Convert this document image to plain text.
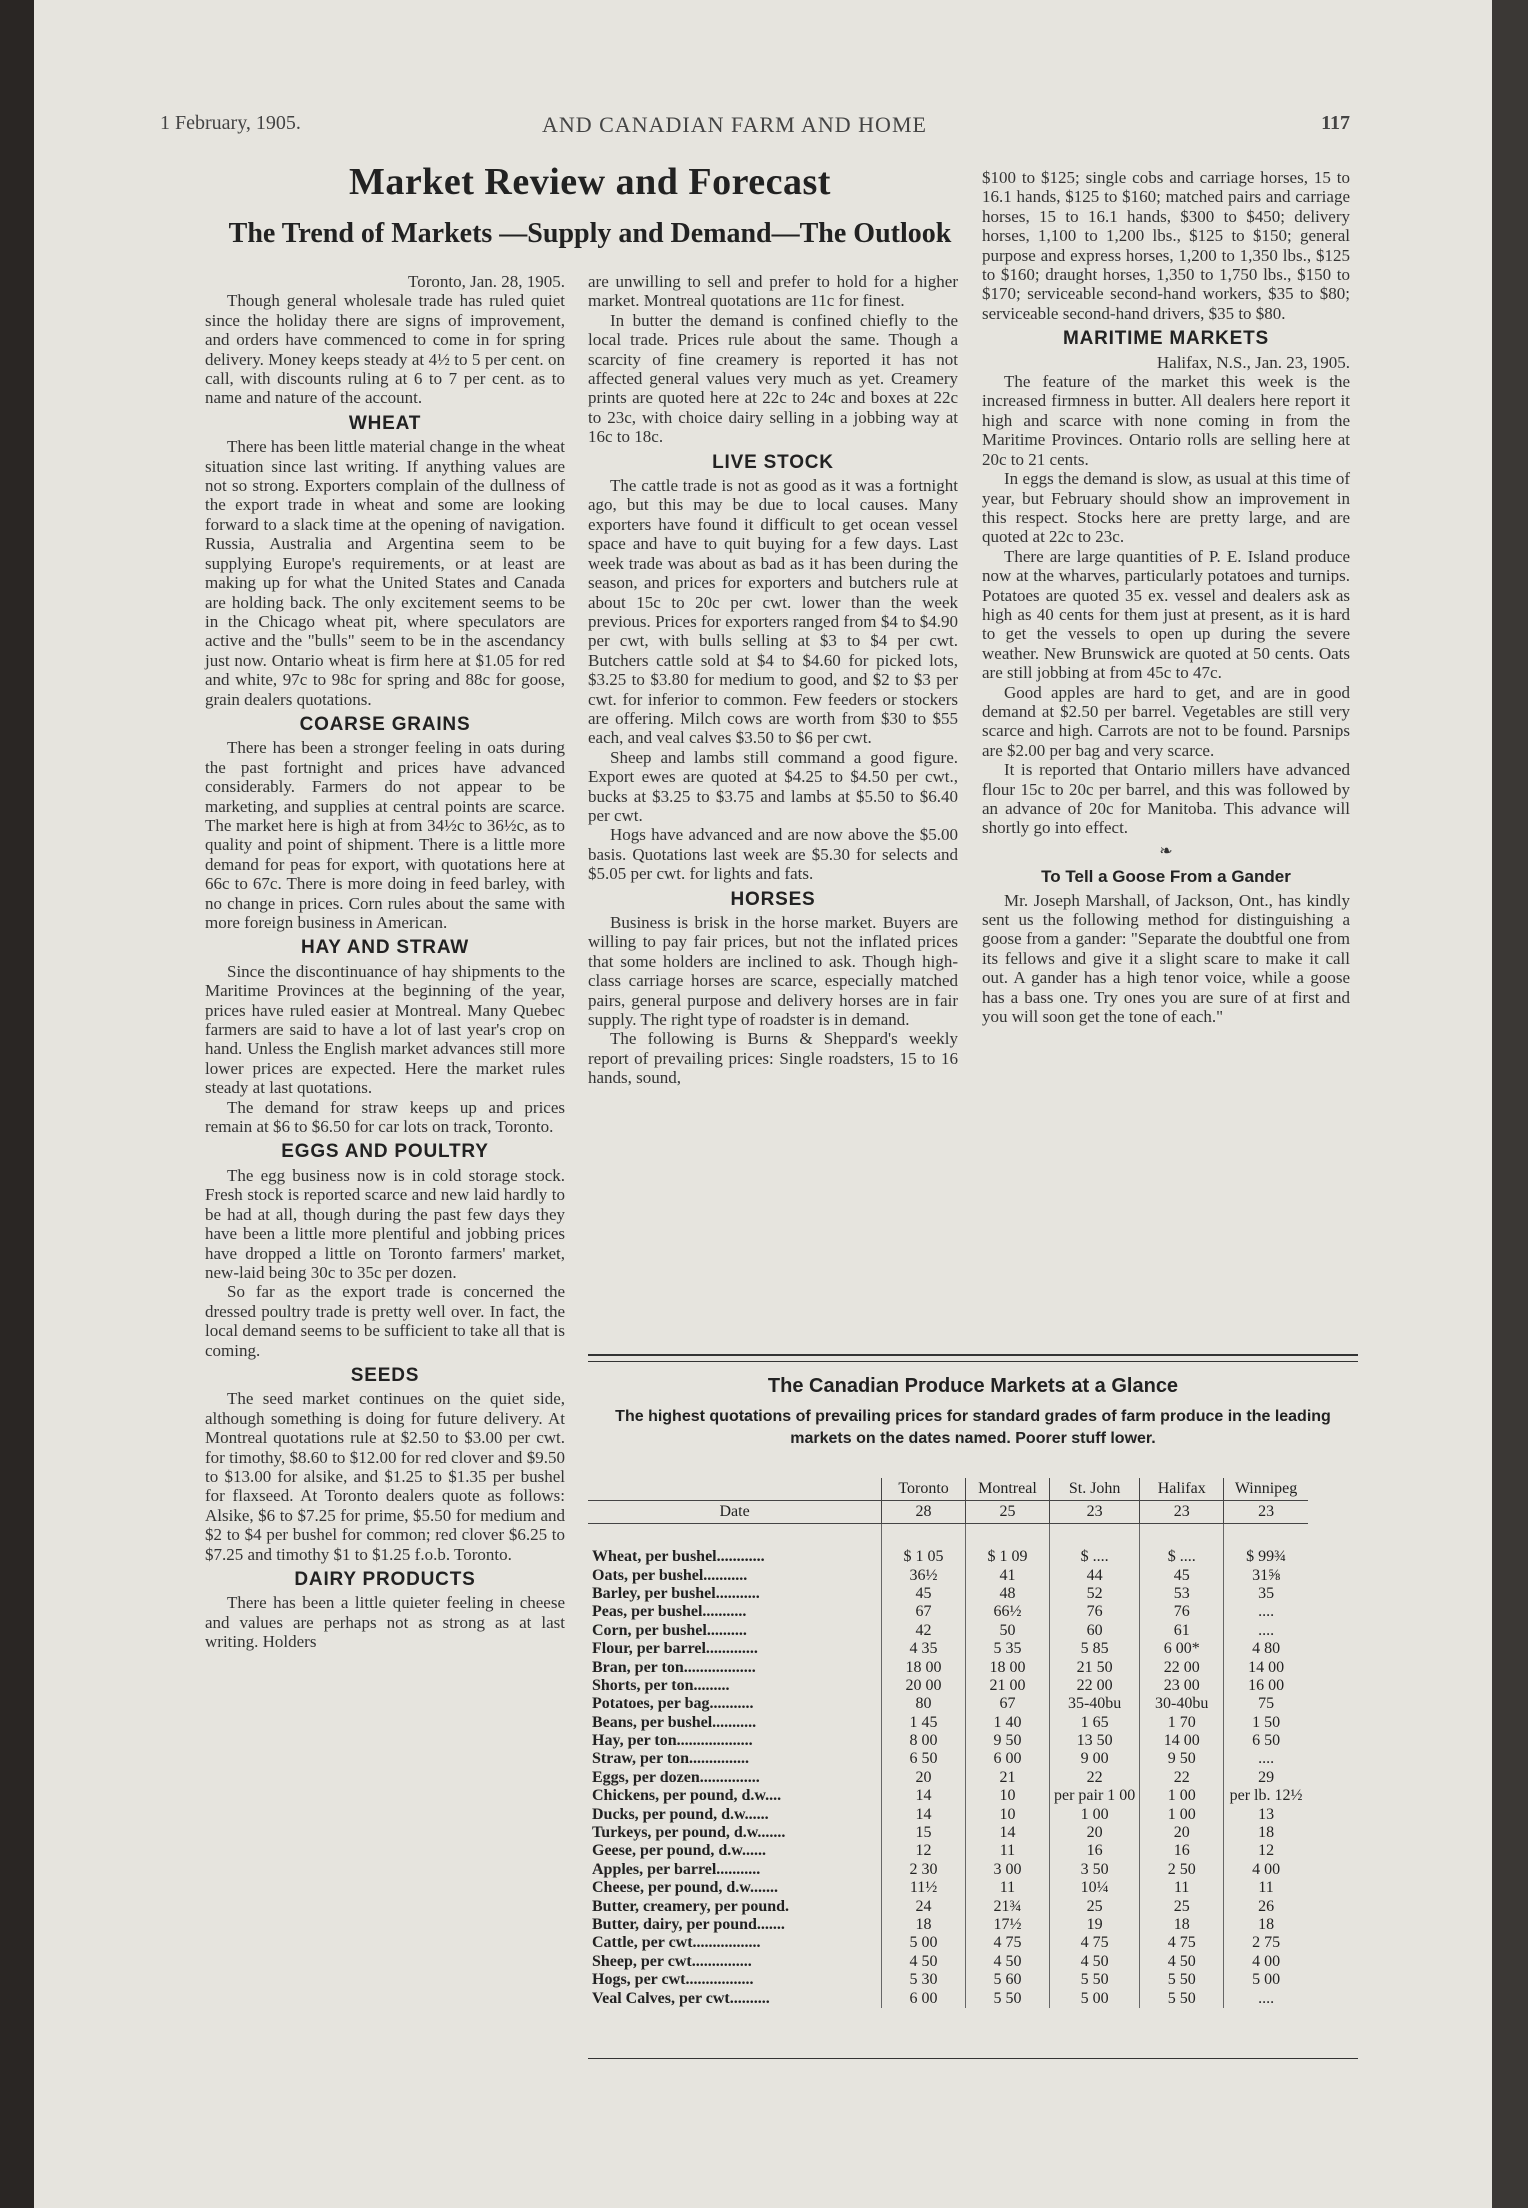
1 February, 1905.	AND CANADIAN FARM AND HOME	117
Market Review and Forecast
The Trend of Markets —Supply and Demand—The Outlook

Toronto, Jan. 28, 1905.

Though general wholesale trade has ruled quiet since the holiday there are signs of improvement, and orders have commenced to come in for spring delivery. Money keeps steady at 4½ to 5 per cent. on call, with discounts ruling at 6 to 7 per cent. as to name and nature of the account.

WHEAT

There has been little material change in the wheat situation since last writing. If anything values are not so strong. Exporters complain of the dullness of the export trade in wheat and some are looking forward to a slack time at the opening of navigation. Russia, Australia and Argentina seem to be supplying Europe's requirements, or at least are making up for what the United States and Canada are holding back. The only excitement seems to be in the Chicago wheat pit, where speculators are active and the "bulls" seem to be in the ascendancy just now. Ontario wheat is firm here at $1.05 for red and white, 97c to 98c for spring and 88c for goose, grain dealers quotations.

COARSE GRAINS

There has been a stronger feeling in oats during the past fortnight and prices have advanced considerably. Farmers do not appear to be marketing, and supplies at central points are scarce. The market here is high at from 34½c to 36½c, as to quality and point of shipment. There is a little more demand for peas for export, with quotations here at 66c to 67c. There is more doing in feed barley, with no change in prices. Corn rules about the same with more foreign business in American.

HAY AND STRAW

Since the discontinuance of hay shipments to the Maritime Provinces at the beginning of the year, prices have ruled easier at Montreal. Many Quebec farmers are said to have a lot of last year's crop on hand. Unless the English market advances still more lower prices are expected. Here the market rules steady at last quotations.

The demand for straw keeps up and prices remain at $6 to $6.50 for car lots on track, Toronto.

EGGS AND POULTRY

The egg business now is in cold storage stock. Fresh stock is reported scarce and new laid hardly to be had at all, though during the past few days they have been a little more plentiful and jobbing prices have dropped a little on Toronto farmers' market, new-laid being 30c to 35c per dozen.

So far as the export trade is concerned the dressed poultry trade is pretty well over. In fact, the local demand seems to be sufficient to take all that is coming.

SEEDS

The seed market continues on the quiet side, although something is doing for future delivery. At Montreal quotations rule at $2.50 to $3.00 per cwt. for timothy, $8.60 to $12.00 for red clover and $9.50 to $13.00 for alsike, and $1.25 to $1.35 per bushel for flaxseed. At Toronto dealers quote as follows: Alsike, $6 to $7.25 for prime, $5.50 for medium and $2 to $4 per bushel for common; red clover $6.25 to $7.25 and timothy $1 to $1.25 f.o.b. Toronto.

DAIRY PRODUCTS

There has been a little quieter feeling in cheese and values are perhaps not as strong as at last writing. Holders

are unwilling to sell and prefer to hold for a higher market. Montreal quotations are 11c for finest.

In butter the demand is confined chiefly to the local trade. Prices rule about the same. Though a scarcity of fine creamery is reported it has not affected general values very much as yet. Creamery prints are quoted here at 22c to 24c and boxes at 22c to 23c, with choice dairy selling in a jobbing way at 16c to 18c.

LIVE STOCK

The cattle trade is not as good as it was a fortnight ago, but this may be due to local causes. Many exporters have found it difficult to get ocean vessel space and have to quit buying for a few days. Last week trade was about as bad as it has been during the season, and prices for exporters and butchers rule at about 15c to 20c per cwt. lower than the week previous. Prices for exporters ranged from $4 to $4.90 per cwt, with bulls selling at $3 to $4 per cwt. Butchers cattle sold at $4 to $4.60 for picked lots, $3.25 to $3.80 for medium to good, and $2 to $3 per cwt. for inferior to common. Few feeders or stockers are offering. Milch cows are worth from $30 to $55 each, and veal calves $3.50 to $6 per cwt.

Sheep and lambs still command a good figure. Export ewes are quoted at $4.25 to $4.50 per cwt., bucks at $3.25 to $3.75 and lambs at $5.50 to $6.40 per cwt.

Hogs have advanced and are now above the $5.00 basis. Quotations last week are $5.30 for selects and $5.05 per cwt. for lights and fats.

HORSES

Business is brisk in the horse market. Buyers are willing to pay fair prices, but not the inflated prices that some holders are inclined to ask. Though high-class carriage horses are scarce, especially matched pairs, general purpose and delivery horses are in fair supply. The right type of roadster is in demand.

The following is Burns & Sheppard's weekly report of prevailing prices: Single roadsters, 15 to 16 hands, sound,

$100 to $125; single cobs and carriage horses, 15 to 16.1 hands, $125 to $160; matched pairs and carriage horses, 15 to 16.1 hands, $300 to $450; delivery horses, 1,100 to 1,200 lbs., $125 to $150; general purpose and express horses, 1,200 to 1,350 lbs., $125 to $160; draught horses, 1,350 to 1,750 lbs., $150 to $170; serviceable second-hand workers, $35 to $80; serviceable second-hand drivers, $35 to $80.

MARITIME MARKETS

Halifax, N.S., Jan. 23, 1905.

The feature of the market this week is the increased firmness in butter. All dealers here report it high and scarce with none coming in from the Maritime Provinces. Ontario rolls are selling here at 20c to 21 cents.

In eggs the demand is slow, as usual at this time of year, but February should show an improvement in this respect. Stocks here are pretty large, and are quoted at 22c to 23c.

There are large quantities of P. E. Island produce now at the wharves, particularly potatoes and turnips. Potatoes are quoted 35 ex. vessel and dealers ask as high as 40 cents for them just at present, as it is hard to get the vessels to open up during the severe weather. New Brunswick are quoted at 50 cents. Oats are still jobbing at from 45c to 47c.

Good apples are hard to get, and are in good demand at $2.50 per barrel. Vegetables are still very scarce and high. Carrots are not to be found. Parsnips are $2.00 per bag and very scarce.

It is reported that Ontario millers have advanced flour 15c to 20c per barrel, and this was followed by an advance of 20c for Manitoba. This advance will shortly go into effect.

❧
To Tell a Goose From a Gander

Mr. Joseph Marshall, of Jackson, Ont., has kindly sent us the following method for distinguishing a goose from a gander: "Separate the doubtful one from its fellows and give it a slight scare to make it call out. A gander has a high tenor voice, while a goose has a bass one. Try ones you are sure of at first and you will soon get the tone of each."

The Canadian Produce Markets at a Glance
The highest quotations of prevailing prices for standard grades of farm produce in the leading markets on the dates named. Poorer stuff lower.
	Toronto	Montreal	St. John	Halifax	Winnipeg
Date	28	25	23	23	23

Wheat, per bushel............	$ 1 05	$ 1 09	$ ....	$ ....	$ 99¾
Oats, per bushel...........	36½	41	44	45	31⅝
Barley, per bushel...........	45	48	52	53	35
Peas, per bushel...........	67	66½	76	76	....
Corn, per bushel..........	42	50	60	61	....
Flour, per barrel.............	4 35	5 35	5 85	6 00*	4 80
Bran, per ton..................	18 00	18 00	21 50	22 00	14 00
Shorts, per ton.........	20 00	21 00	22 00	23 00	16 00
Potatoes, per bag...........	80	67	35-40bu	30-40bu	75
Beans, per bushel...........	1 45	1 40	1 65	1 70	1 50
Hay, per ton...................	8 00	9 50	13 50	14 00	6 50
Straw, per ton...............	6 50	6 00	9 00	9 50	....
Eggs, per dozen...............	20	21	22	22	29
Chickens, per pound, d.w....	14	10	per pair 1 00	1 00	per lb. 12½
Ducks, per pound, d.w......	14	10	1 00	1 00	13
Turkeys, per pound, d.w.......	15	14	20	20	18
Geese, per pound, d.w......	12	11	16	16	12
Apples, per barrel...........	2 30	3 00	3 50	2 50	4 00
Cheese, per pound, d.w.......	11½	11	10¼	11	11
Butter, creamery, per pound.	24	21¾	25	25	26
Butter, dairy, per pound.......	18	17½	19	18	18
Cattle, per cwt.................	5 00	4 75	4 75	4 75	2 75
Sheep, per cwt...............	4 50	4 50	4 50	4 50	4 00
Hogs, per cwt.................	5 30	5 60	5 50	5 50	5 00
Veal Calves, per cwt..........	6 00	5 50	5 00	5 50	....
